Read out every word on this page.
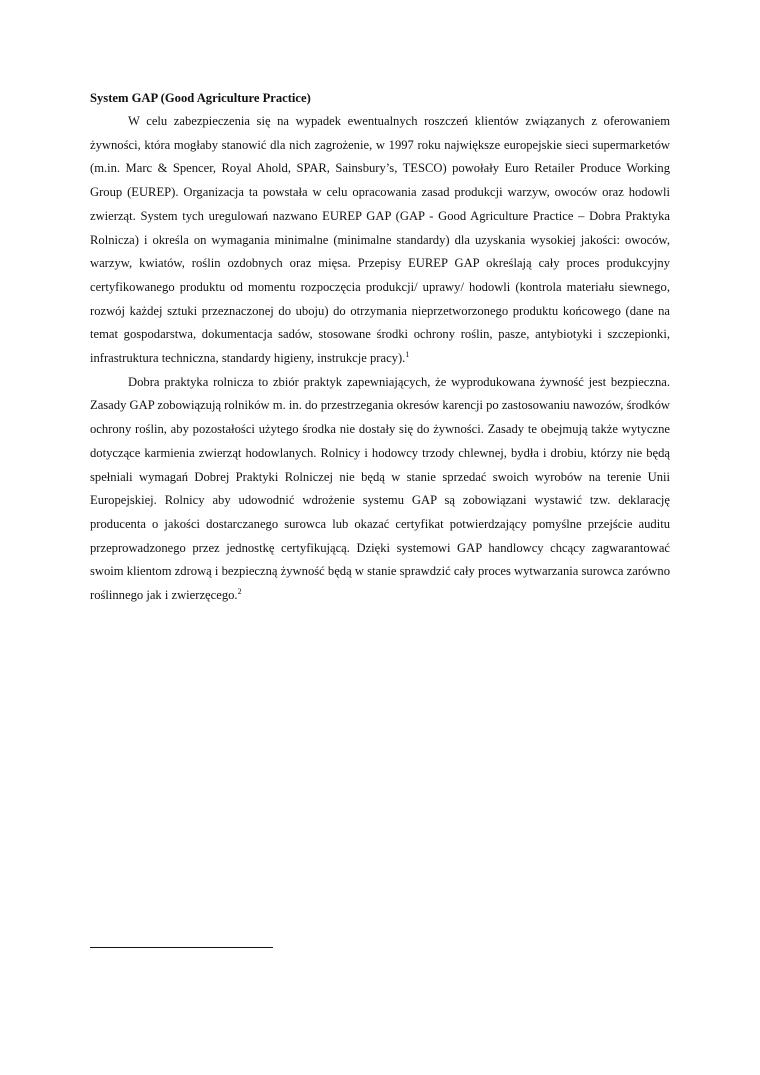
System GAP (Good Agriculture Practice)

W celu zabezpieczenia się na wypadek ewentualnych roszczeń klientów związanych z oferowaniem żywności, która mogłaby stanowić dla nich zagrożenie, w 1997 roku największe europejskie sieci supermarketów (m.in. Marc & Spencer, Royal Ahold, SPAR, Sainsbury’s, TESCO) powołały Euro Retailer Produce Working Group (EUREP). Organizacja ta powstała w celu opracowania zasad produkcji warzyw, owoców oraz hodowli zwierząt. System tych uregulowań nazwano EUREP GAP (GAP - Good Agriculture Practice – Dobra Praktyka Rolnicza) i określa on wymagania minimalne (minimalne standardy) dla uzyskania wysokiej jakości: owoców, warzyw, kwiatów, roślin ozdobnych oraz mięsa. Przepisy EUREP GAP określają cały proces produkcyjny certyfikowanego produktu od momentu rozpoczęcia produkcji/ uprawy/ hodowli (kontrola materiału siewnego, rozwój każdej sztuki przeznaczonej do uboju) do otrzymania nieprzetworzonego produktu końcowego (dane na temat gospodarstwa, dokumentacja sadów, stosowane środki ochrony roślin, pasze, antybiotyki i szczepionki, infrastruktura techniczna, standardy higieny, instrukcje pracy).$^1$

Dobra praktyka rolnicza to zbiór praktyk zapewniających, że wyprodukowana żywność jest bezpieczna. Zasady GAP zobowiązują rolników m. in. do przestrzegania okresów karencji po zastosowaniu nawozów, środków ochrony roślin, aby pozostałości użytego środka nie dostały się do żywności. Zasady te obejmują także wytyczne dotyczące karmienia zwierząt hodowlanych. Rolnicy i hodowcy trzody chlewnej, bydła i drobiu, którzy nie będą spełniali wymagań Dobrej Praktyki Rolniczej nie będą w stanie sprzedać swoich wyrobów na terenie Unii Europejskiej. Rolnicy aby udowodnić wdrożenie systemu GAP są zobowiązani wystawić tzw. deklarację producenta o jakości dostarczanego surowca lub okazać certyfikat potwierdzający pomyślne przejście auditu przeprowadzonego przez jednostkę certyfikującą. Dzięki systemowi GAP handlowcy chcący zagwarantować swoim klientom zdrową i bezpieczną żywność będą w stanie sprawdzić cały proces wytwarzania surowca zarówno roślinnego jak i zwierzęcego.$^2$
